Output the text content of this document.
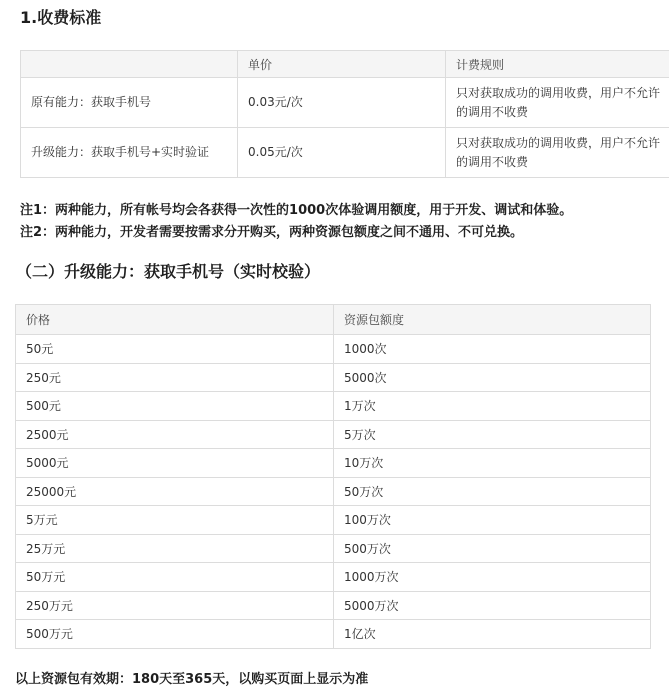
1.收费标准
	单价	计费规则
原有能力：获取手机号	0.03元/次	只对获取成功的调用收费，用户不允许的调用不收费
升级能力：获取手机号+实时验证	0.05元/次	只对获取成功的调用收费，用户不允许的调用不收费
注1：两种能力，所有帐号均会各获得一次性的1000次体验调用额度，用于开发、调试和体验。
注2：两种能力，开发者需要按需求分开购买，两种资源包额度之间不通用、不可兑换。
（二）升级能力：获取手机号（实时校验）
价格	资源包额度
50元	1000次
250元	5000次
500元	1万次
2500元	5万次
5000元	10万次
25000元	50万次
5万元	100万次
25万元	500万次
50万元	1000万次
250万元	5000万次
500万元	1亿次
以上资源包有效期：180天至365天，以购买页面上显示为准
